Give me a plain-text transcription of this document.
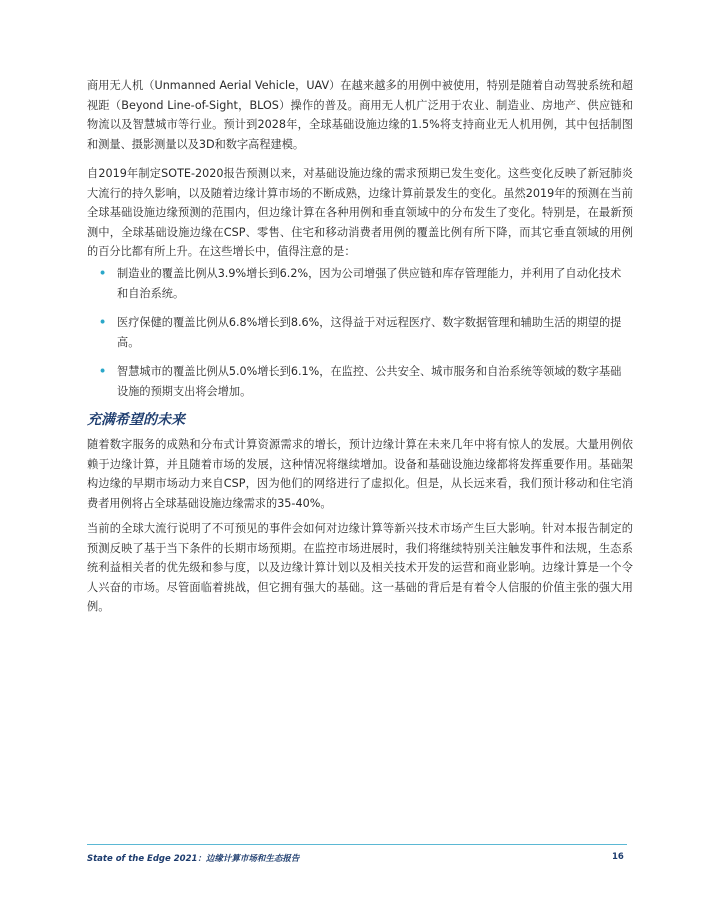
商用无人机（Unmanned Aerial Vehicle，UAV）在越来越多的用例中被使用，特别是随着自动驾驶系统和超视距（Beyond Line-of-Sight，BLOS）操作的普及。商用无人机广泛用于农业、制造业、房地产、供应链和物流以及智慧城市等行业。预计到2028年，全球基础设施边缘的1.5%将支持商业无人机用例，其中包括制图和测量、摄影测量以及3D和数字高程建模。

自2019年制定SOTE-2020报告预测以来，对基础设施边缘的需求预期已发生变化。这些变化反映了新冠肺炎大流行的持久影响，以及随着边缘计算市场的不断成熟，边缘计算前景发生的变化。虽然2019年的预测在当前全球基础设施边缘预测的范围内，但边缘计算在各种用例和垂直领域中的分布发生了变化。特别是，在最新预测中，全球基础设施边缘在CSP、零售、住宅和移动消费者用例的覆盖比例有所下降，而其它垂直领域的用例的百分比都有所上升。在这些增长中，值得注意的是：

• 制造业的覆盖比例从3.9%增长到6.2%，因为公司增强了供应链和库存管理能力，并利用了自动化技术和自治系统。
• 医疗保健的覆盖比例从6.8%增长到8.6%，这得益于对远程医疗、数字数据管理和辅助生活的期望的提高。
• 智慧城市的覆盖比例从5.0%增长到6.1%，在监控、公共安全、城市服务和自治系统等领域的数字基础设施的预期支出将会增加。
充满希望的未来

随着数字服务的成熟和分布式计算资源需求的增长，预计边缘计算在未来几年中将有惊人的发展。大量用例依赖于边缘计算，并且随着市场的发展，这种情况将继续增加。设备和基础设施边缘都将发挥重要作用。基础架构边缘的早期市场动力来自CSP，因为他们的网络进行了虚拟化。但是，从长远来看，我们预计移动和住宅消费者用例将占全球基础设施边缘需求的35-40%。

当前的全球大流行说明了不可预见的事件会如何对边缘计算等新兴技术市场产生巨大影响。针对本报告制定的预测反映了基于当下条件的长期市场预期。在监控市场进展时，我们将继续特别关注触发事件和法规，生态系统利益相关者的优先级和参与度，以及边缘计算计划以及相关技术开发的运营和商业影响。边缘计算是一个令人兴奋的市场。尽管面临着挑战，但它拥有强大的基础。这一基础的背后是有着令人信服的价值主张的强大用例。

State of the Edge 2021：边缘计算市场和生态报告	16
